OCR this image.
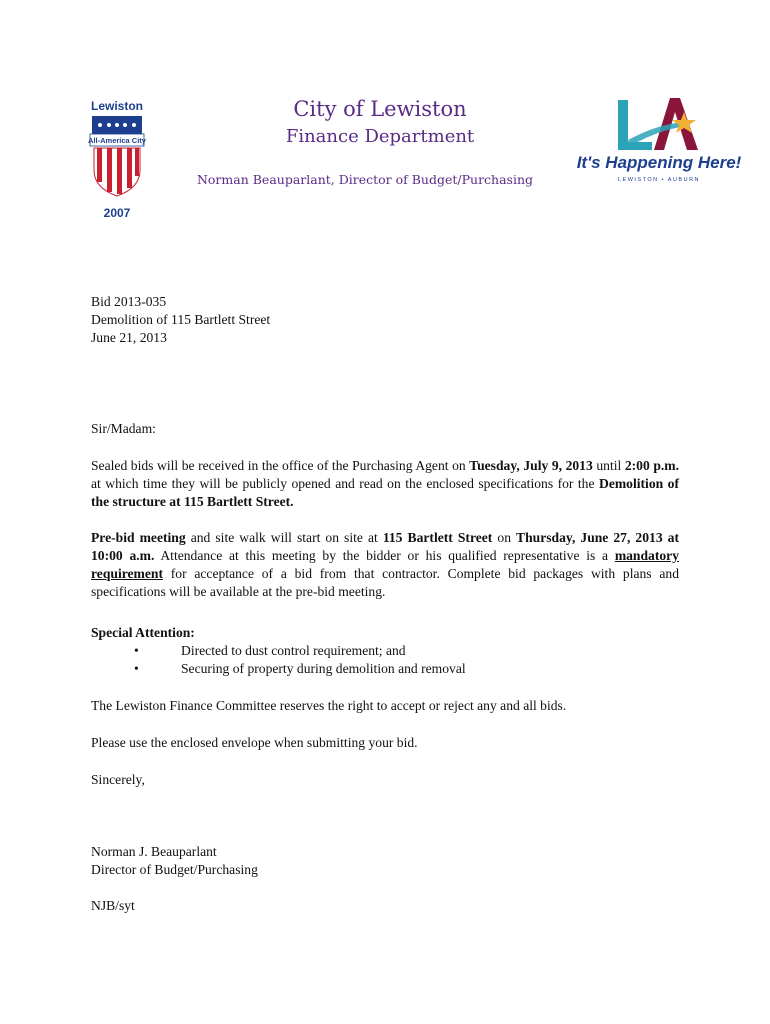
Lewiston
All-America City
2007
City of Lewiston
Finance Department
Norman Beauparlant, Director of Budget/Purchasing
It's Happening Here!
LEWISTON • AUBURN
Bid 2013-035
Demolition of 115 Bartlett Street
June 21, 2013
Sir/Madam:
Sealed bids will be received in the office of the Purchasing Agent on Tuesday, July 9, 2013 until 2:00 p.m. at which time they will be publicly opened and read on the enclosed specifications for the Demolition of the structure at 115 Bartlett Street.
Pre-bid meeting and site walk will start on site at 115 Bartlett Street on Thursday, June 27, 2013 at 10:00 a.m. Attendance at this meeting by the bidder or his qualified representative is a mandatory requirement for acceptance of a bid from that contractor. Complete bid packages with plans and specifications will be available at the pre-bid meeting.
Special Attention:
•	Directed to dust control requirement; and
•	Securing of property during demolition and removal
The Lewiston Finance Committee reserves the right to accept or reject any and all bids.
Please use the enclosed envelope when submitting your bid.
Sincerely,
Norman J. Beauparlant
Director of Budget/Purchasing
NJB/syt
